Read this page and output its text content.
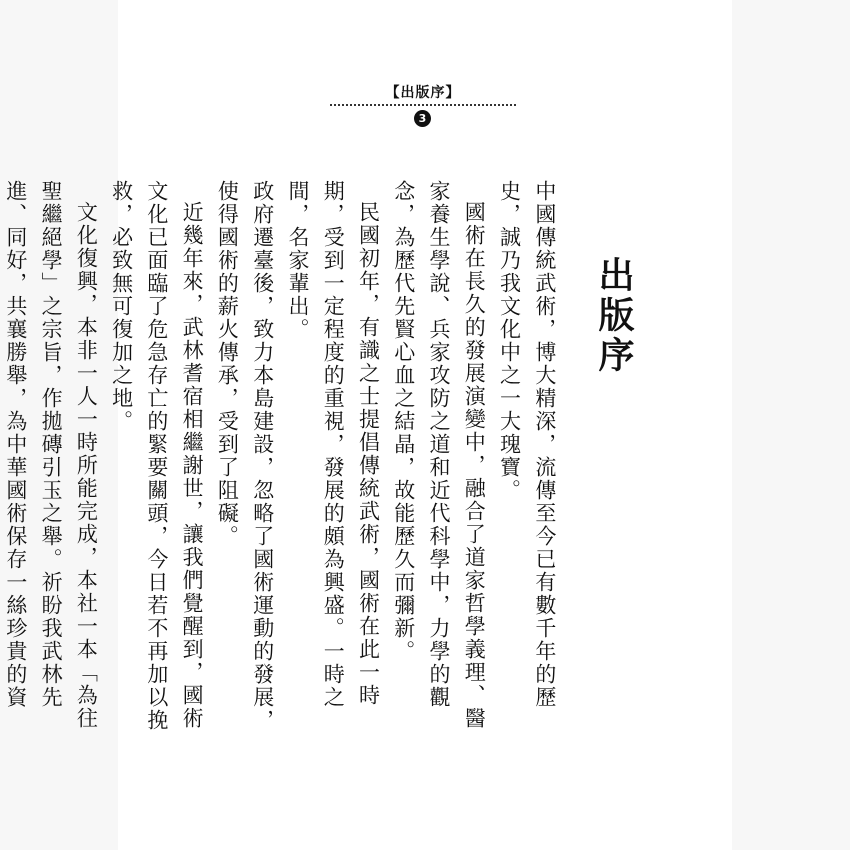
【出版序】
3
出版序

中國傳統武術，博大精深，流傳至今已有數千年的歷史，誠乃我文化中之一大瑰寶。

國術在長久的發展演變中，融合了道家哲學義理、醫家養生學說、兵家攻防之道和近代科學中，力學的觀念，為歷代先賢心血之結晶，故能歷久而彌新。

民國初年，有識之士提倡傳統武術，國術在此一時期，受到一定程度的重視，發展的頗為興盛。一時之間，名家輩出。

政府遷臺後，致力本島建設，忽略了國術運動的發展，使得國術的薪火傳承，受到了阻礙。

近幾年來，武林耆宿相繼謝世，讓我們覺醒到，國術文化已面臨了危急存亡的緊要關頭，今日若不再加以挽救，必致無可復加之地。

文化復興，本非一人一時所能完成，本社一本「為往聖繼絕學」之宗旨，作拋磚引玉之舉。祈盼我武林先進、同好，共襄勝舉，為中華國術保存一絲珍貴的資
